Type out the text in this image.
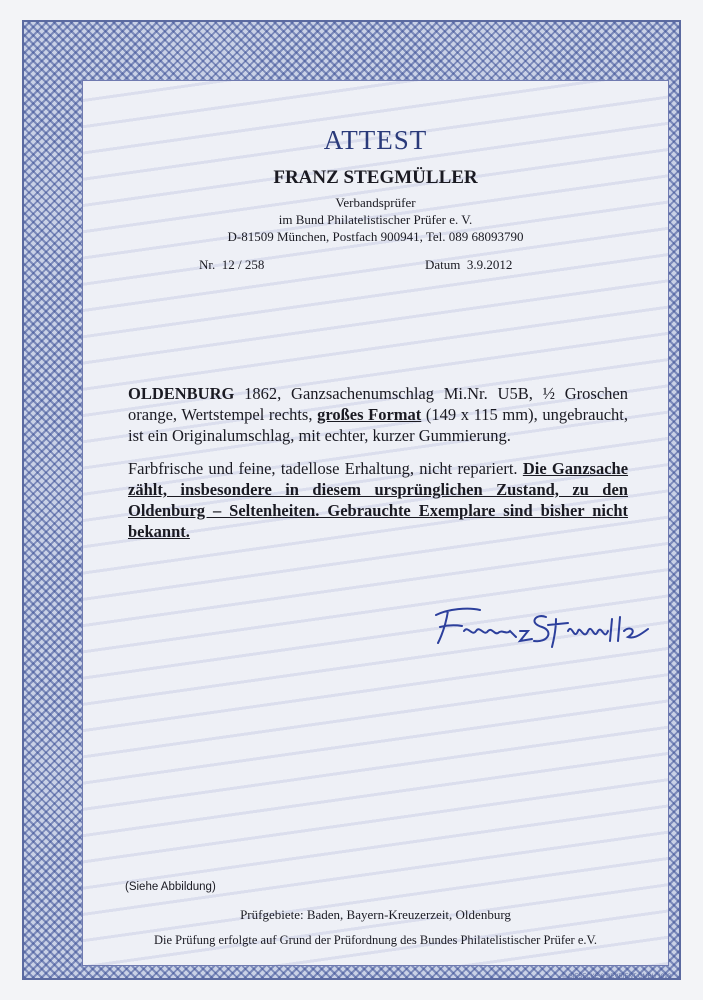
ATTEST
FRANZ STEGMÜLLER
Verbandsprüfer
im Bund Philatelistischer Prüfer e. V.
D-81509 München, Postfach 900941, Tel. 089 68093790
Nr. 12 / 258	Datum 3.9.2012

OLDENBURG 1862, Ganzsachenumschlag Mi.Nr. U5B, ½ Groschen orange, Wertstempel rechts, großes Format (149 x 115 mm), ungebraucht, ist ein Originalumschlag, mit echter, kurzer Gummierung.

Farbfrische und feine, tadellose Erhaltung, nicht repariert. Die Ganzsache zählt, insbesondere in diesem ursprünglichen Zustand, zu den Oldenburg – Seltenheiten. Gebrauchte Exemplare sind bisher nicht bekannt.

(Siehe Abbildung)
Prüfgebiete: Baden, Bayern-Kreuzerzeit, Oldenburg
Die Prüfung erfolgte auf Grund der Prüfordnung des Bundes Philatelistischer Prüfer e.V.
© GIESECKE & DEVRIENT GMBH 1993
